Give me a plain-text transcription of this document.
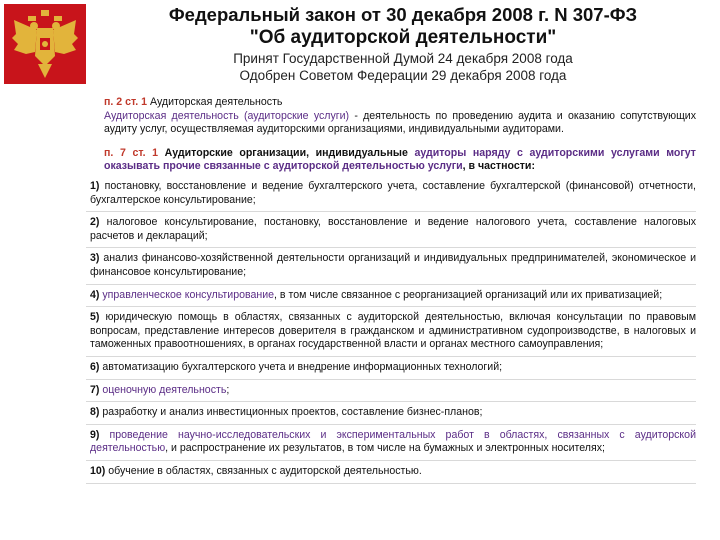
Федеральный закон от 30 декабря 2008 г. N 307-ФЗ
"Об аудиторской деятельности"
Принят Государственной Думой 24 декабря 2008 года
Одобрен Советом Федерации 29 декабря 2008 года
п. 2 ст. 1 Аудиторская деятельность
Аудиторская деятельность (аудиторские услуги) - деятельность по проведению аудита и оказанию сопутствующих аудиту услуг, осуществляемая аудиторскими организациями, индивидуальными аудиторами.
п. 7 ст. 1 Аудиторские организации, индивидуальные аудиторы наряду с аудиторскими услугами могут оказывать прочие связанные с аудиторской деятельностью услуги, в частности:
1) постановку, восстановление и ведение бухгалтерского учета, составление бухгалтерской (финансовой) отчетности, бухгалтерское консультирование;
2) налоговое консультирование, постановку, восстановление и ведение налогового учета, составление налоговых расчетов и деклараций;
3) анализ финансово-хозяйственной деятельности организаций и индивидуальных предпринимателей, экономическое и финансовое консультирование;
4) управленческое консультирование, в том числе связанное с реорганизацией организаций или их приватизацией;
5) юридическую помощь в областях, связанных с аудиторской деятельностью, включая консультации по правовым вопросам, представление интересов доверителя в гражданском и административном судопроизводстве, в налоговых и таможенных правоотношениях, в органах государственной власти и органах местного самоуправления;
6) автоматизацию бухгалтерского учета и внедрение информационных технологий;
7) оценочную деятельность;
8) разработку и анализ инвестиционных проектов, составление бизнес-планов;
9) проведение научно-исследовательских и экспериментальных работ в областях, связанных с аудиторской деятельностью, и распространение их результатов, в том числе на бумажных и электронных носителях;
10) обучение в областях, связанных с аудиторской деятельностью.
